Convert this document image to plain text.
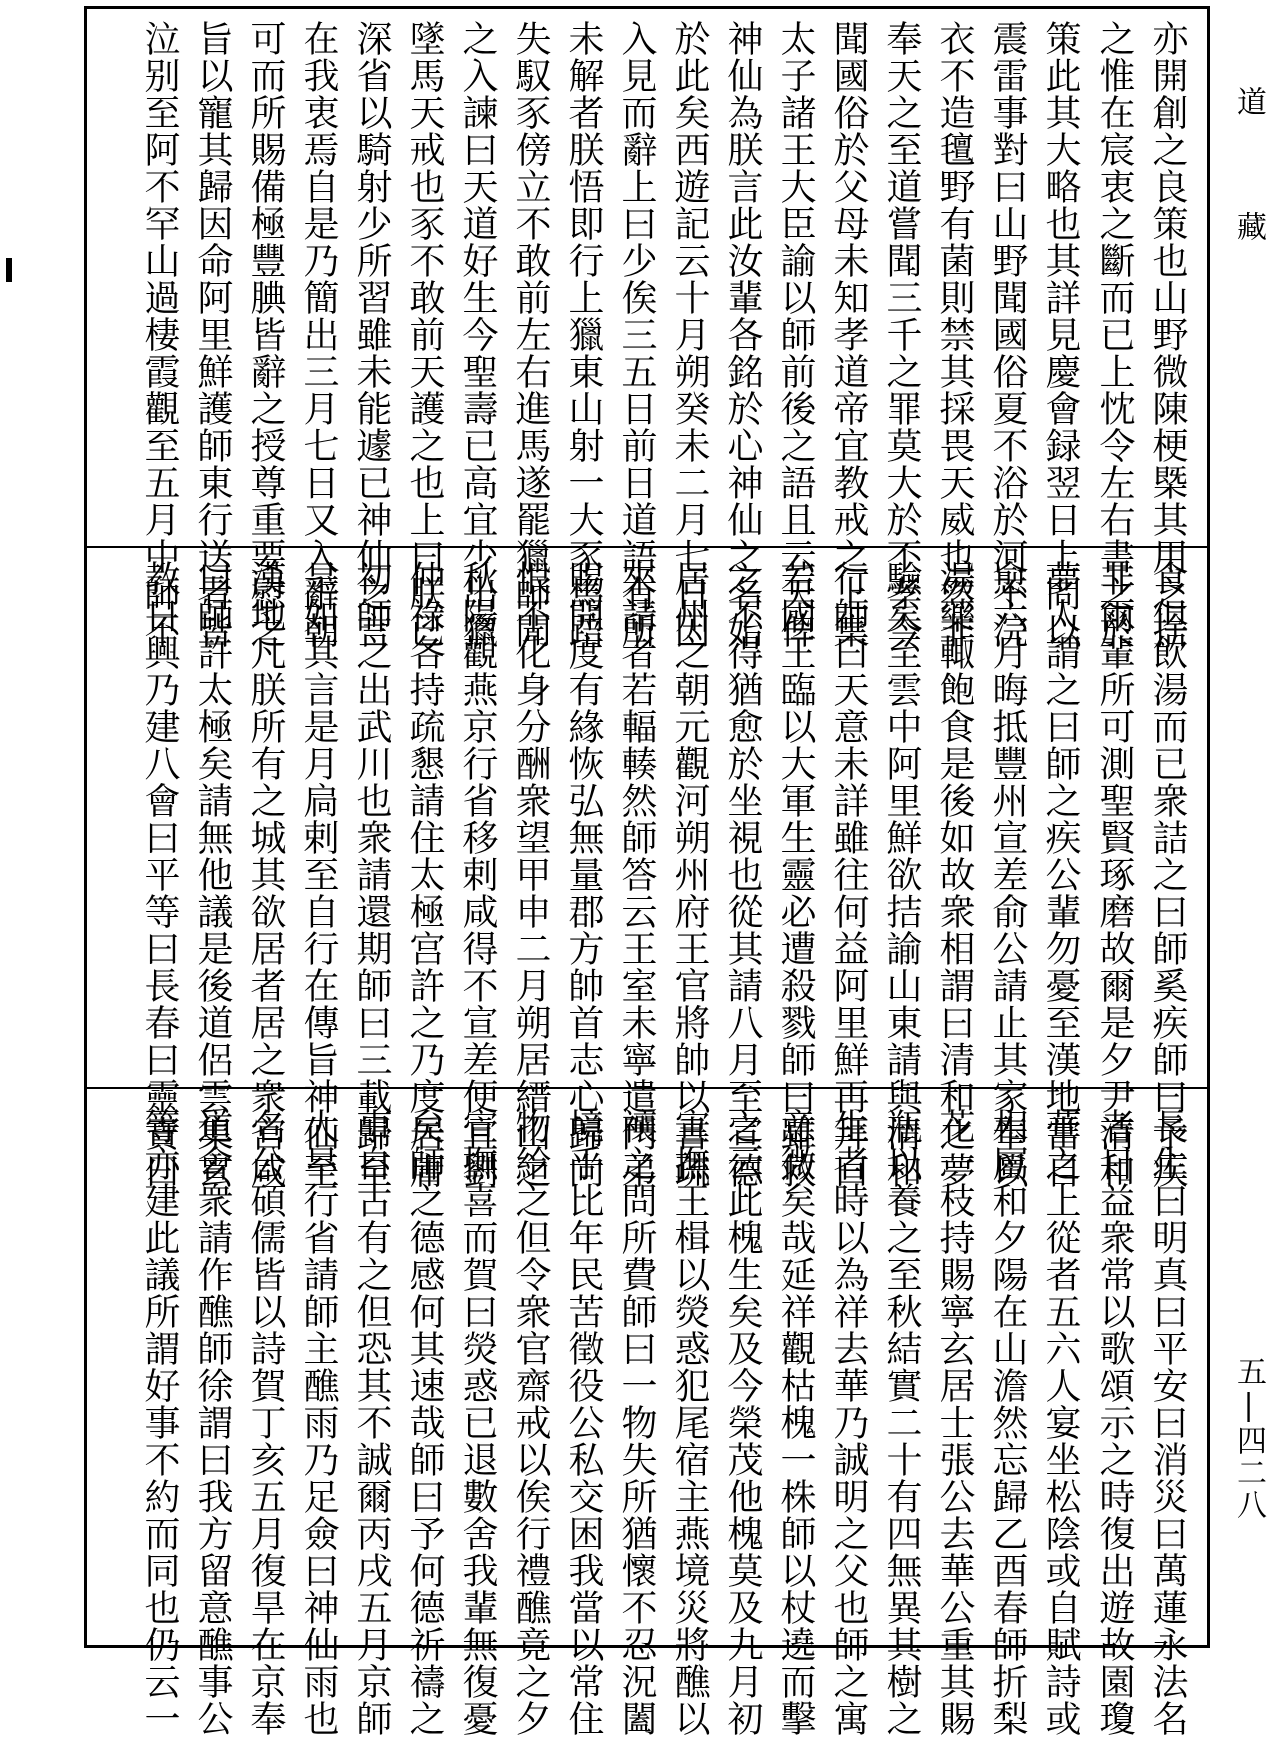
道 藏
五|四二八
亦開創之良策也山野微陳梗槩其用之捨
之惟在宸衷之斷而已上忱令左右書之於
策此其大略也其詳見慶會録翌日上問以
震雷事對曰山野聞國俗夏不浴於河不浣
衣不造氊野有菌則禁其採畏天威也然非
奉天之至道嘗聞三千之罪莫大於不孝今
聞國俗於父母未知孝道帝宜教戒之上集
太子諸王大臣諭以師前後之語且云天俾
神仙為朕言此汝輩各銘於心神仙之名始
於此矣西遊記云十月朔癸未二月七日因
入見而辭上曰少俟三五日前日道語有所
未解者朕悟即行上獵東山射一大豕馬踣
失馭豕傍立不敢前左右進馬遂罷獵師聞
之入諫曰天道好生今聖壽已高宜少出獵
墜馬天戒也豕不敢前天護之也上曰朕已
深省以騎射少所習雖未能遽已神仙之言
在我衷焉自是乃簡出三月七日又入辭朝
可而所賜備極豐腆皆辭之授尊重要慰之
旨以寵其歸因命阿里鮮護師東行送者皆
泣别至阿不罕山過棲霞觀至五月中師不
食但飲湯而已衆詰之曰師奚疾師曰予疾
非爾輩所可測聖賢琢磨故爾是夕尹清和
夢人謂之曰師之疾公輩勿憂至漢地當自
愈六月晦抵豐州宣差俞公請止其家奉以
湯藥輙飽食是後如故衆相謂曰清和之夢
驗矣至雲中阿里鮮欲拮諭山東請與清和
行師曰天意未詳雖往何益阿里鮮再拜曰
若國王臨以大軍生靈必遭殺戮師曰雖救
之不得猶愈於坐視也從其請八月至宣德
居州之朝元觀河朔州府王官將帥以書疏
來請者若輻輳然師答云王室未寧遣門弟
賜開度有緣恢弘無量郡方帥首志心歸向
恨不化身分酬衆望甲申二月朔居縉山之
秋陽觀燕京行省移剌咸得不宣差便宜劉
仲祿各持疏懇請住太極宫許之乃度居庸
初師之出武川也衆請還期師曰三載歸至
是如其言是月扃剌至自行在傳旨神仙至
漢地凡朕所有之城其欲居者居之衆宫咸
曰師許太極矣請無他議是後道侶雲集玄
教日興乃建八會曰平等曰長春曰靈寶曰
長生曰明真曰平安曰消災曰萬蓮永法名
者日益衆常以歌頌示之時復出遊故園瓊
華之上從者五六人宴坐松陰或自賦詩或
相屬和夕陽在山澹然忘歸乙酉春師折梨
花一枝持賜寧玄居士張公去華公重其賜
瓶以養之至秋結實二十有四無異其樹之
生者時以為祥去華乃誠明之父也師之寓
意微矣哉延祥觀枯槐一株師以杖遶而擊
之云此槐生矣及今榮茂他槐莫及九月初
宣撫王楫以熒惑犯尾宿主燕境災將醮以
禳之問所費師曰一物失所猶懷不忍況闔
境乎比年民苦徵役公私交困我當以常住
物給之但令衆官齋戒以俟行禮醮竟之夕
宣撫喜而賀曰熒惑已退數舍我輩無復憂
矣師之德感何其速哉師曰予何德祈禱之
事自古有之但恐其不誠爾丙戌五月京師
大旱行省請師主醮雨乃足僉曰神仙雨也
名公碩儒皆以詩賀丁亥五月復旱在京奉
道會衆請作醮師徐謂曰我方留意醮事公
等亦建此議所謂好事不約而同也仍云一
